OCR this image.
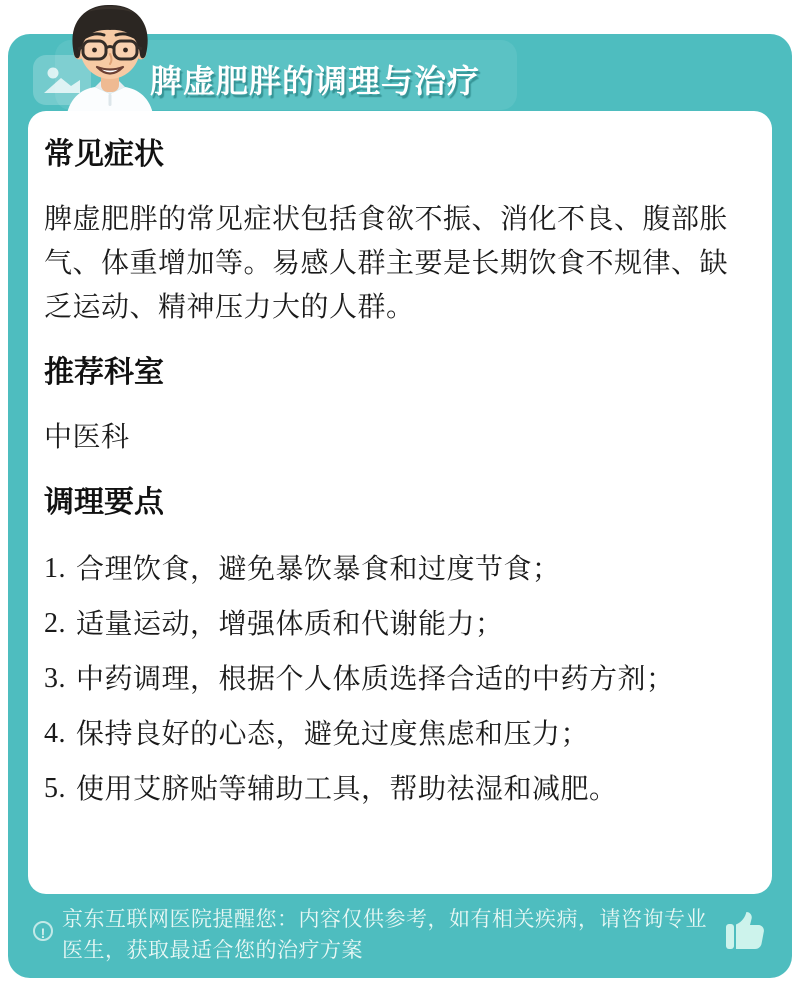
脾虚肥胖的调理与治疗
常见症状

脾虚肥胖的常见症状包括食欲不振、消化不良、腹部胀气、体重增加等。易感人群主要是长期饮食不规律、缺乏运动、精神压力大的人群。

推荐科室

中医科

调理要点
1. 合理饮食，避免暴饮暴食和过度节食；
2. 适量运动，增强体质和代谢能力；
3. 中药调理，根据个人体质选择合适的中药方剂；
4. 保持良好的心态，避免过度焦虑和压力；
5. 使用艾脐贴等辅助工具，帮助祛湿和减肥。
!
京东互联网医院提醒您：内容仅供参考，如有相关疾病，请咨询专业医生，获取最适合您的治疗方案
